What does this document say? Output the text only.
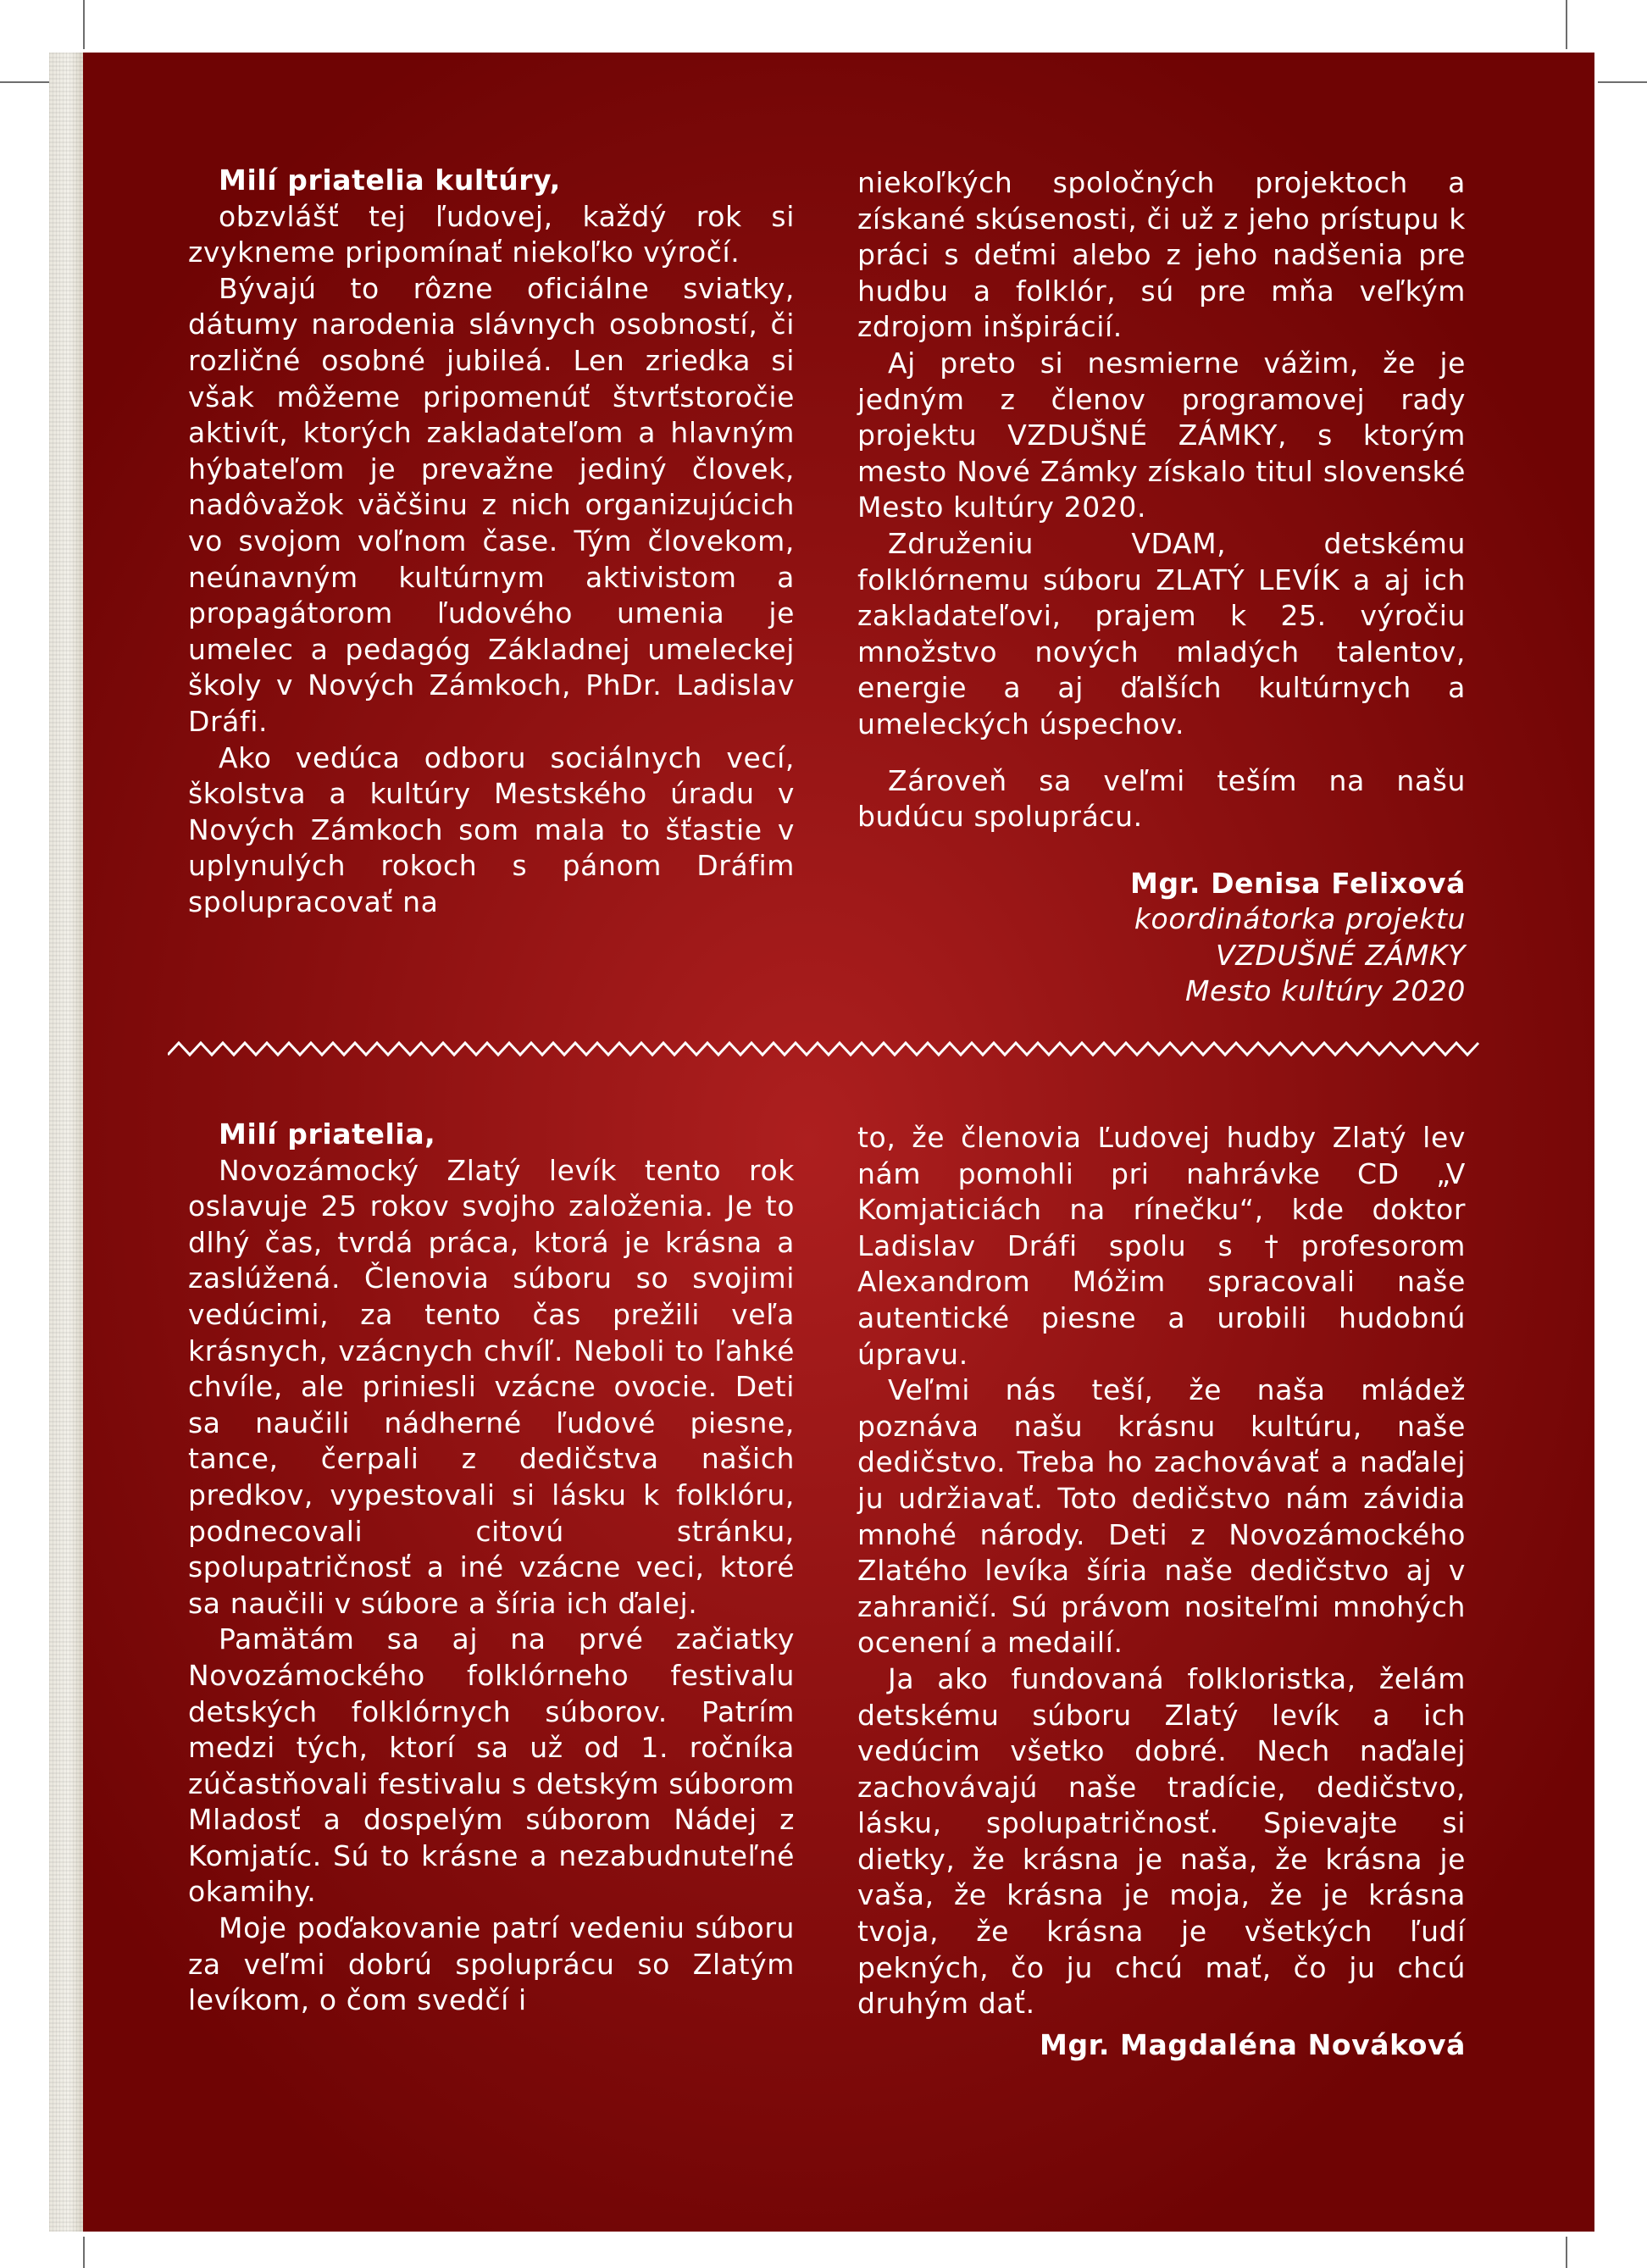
Milí priatelia kultúry,

obzvlášť tej ľudovej, každý rok si zvykneme pripomínať niekoľko výročí.

Bývajú to rôzne oficiálne sviatky, dátumy narodenia slávnych osobností, či rozličné osobné jubileá. Len zriedka si však môžeme pripomenúť štvrťstoročie aktivít, ktorých zakladateľom a hlavným hýbateľom je prevažne jediný človek, nadôvažok väčšinu z nich organizujúcich vo svojom voľnom čase. Tým človekom, neúnavným kultúrnym aktivistom a propagátorom ľudového umenia je umelec a pedagóg Základnej umeleckej školy v Nových Zámkoch, PhDr. Ladislav Dráfi.

Ako vedúca odboru sociálnych vecí, školstva a kultúry Mestského úradu v Nových Zámkoch som mala to šťastie v uplynulých rokoch s pánom Dráfim spolupracovať na

niekoľkých spoločných projektoch a získané skúsenosti, či už z jeho prístupu k práci s deťmi alebo z jeho nadšenia pre hudbu a folklór, sú pre mňa veľkým zdrojom inšpirácií.

Aj preto si nesmierne vážim, že je jedným z členov programovej rady projektu VZDUŠNÉ ZÁMKY, s ktorým mesto Nové Zámky získalo titul slovenské Mesto kultúry 2020.

Združeniu VDAM, detskému folklórnemu súboru ZLATÝ LEVÍK a aj ich zakladateľovi, prajem k 25. výročiu množstvo nových mladých talentov, energie a aj ďalších kultúrnych a umeleckých úspechov.

Zároveň sa veľmi teším na našu budúcu spoluprácu.

Mgr. Denisa Felixová

koordinátorka projektu

VZDUŠNÉ ZÁMKY

Mesto kultúry 2020

Milí priatelia,

Novozámocký Zlatý levík tento rok oslavuje 25 rokov svojho založenia. Je to dlhý čas, tvrdá práca, ktorá je krásna a zaslúžená. Členovia súboru so svojimi vedúcimi, za tento čas prežili veľa krásnych, vzácnych chvíľ. Neboli to ľahké chvíle, ale priniesli vzácne ovocie. Deti sa naučili nádherné ľudové piesne, tance, čerpali z dedičstva našich predkov, vypestovali si lásku k folklóru, podnecovali citovú stránku, spolupatričnosť a iné vzácne veci, ktoré sa naučili v súbore a šíria ich ďalej.

Pamätám sa aj na prvé začiatky Novozámockého folklórneho festivalu detských folklórnych súborov. Patrím medzi tých, ktorí sa už od 1. ročníka zúčastňovali festivalu s detským súborom Mladosť a dospelým súborom Nádej z Komjatíc. Sú to krásne a nezabudnuteľné okamihy.

Moje poďakovanie patrí vedeniu súboru za veľmi dobrú spoluprácu so Zlatým levíkom, o čom svedčí i

to, že členovia Ľudovej hudby Zlatý lev nám pomohli pri nahrávke CD „V Komjaticiách na rínečku“, kde doktor Ladislav Dráfi spolu s †profesorom Alexandrom Móžim spracovali naše autentické piesne a urobili hudobnú úpravu.

Veľmi nás teší, že naša mládež poznáva našu krásnu kultúru, naše dedičstvo. Treba ho zachovávať a naďalej ju udržiavať. Toto dedičstvo nám závidia mnohé národy. Deti z Novozámockého Zlatého levíka šíria naše dedičstvo aj v zahraničí. Sú právom nositeľmi mnohých ocenení a medailí.

Ja ako fundovaná folkloristka, želám detskému súboru Zlatý levík a ich vedúcim všetko dobré. Nech naďalej zachovávajú naše tradície, dedičstvo, lásku, spolupatričnosť. Spievajte si dietky, že krásna je naša, že krásna je vaša, že krásna je moja, že je krásna tvoja, že krásna je všetkých ľudí pekných, čo ju chcú mať, čo ju chcú druhým dať.

Mgr. Magdaléna Nováková
